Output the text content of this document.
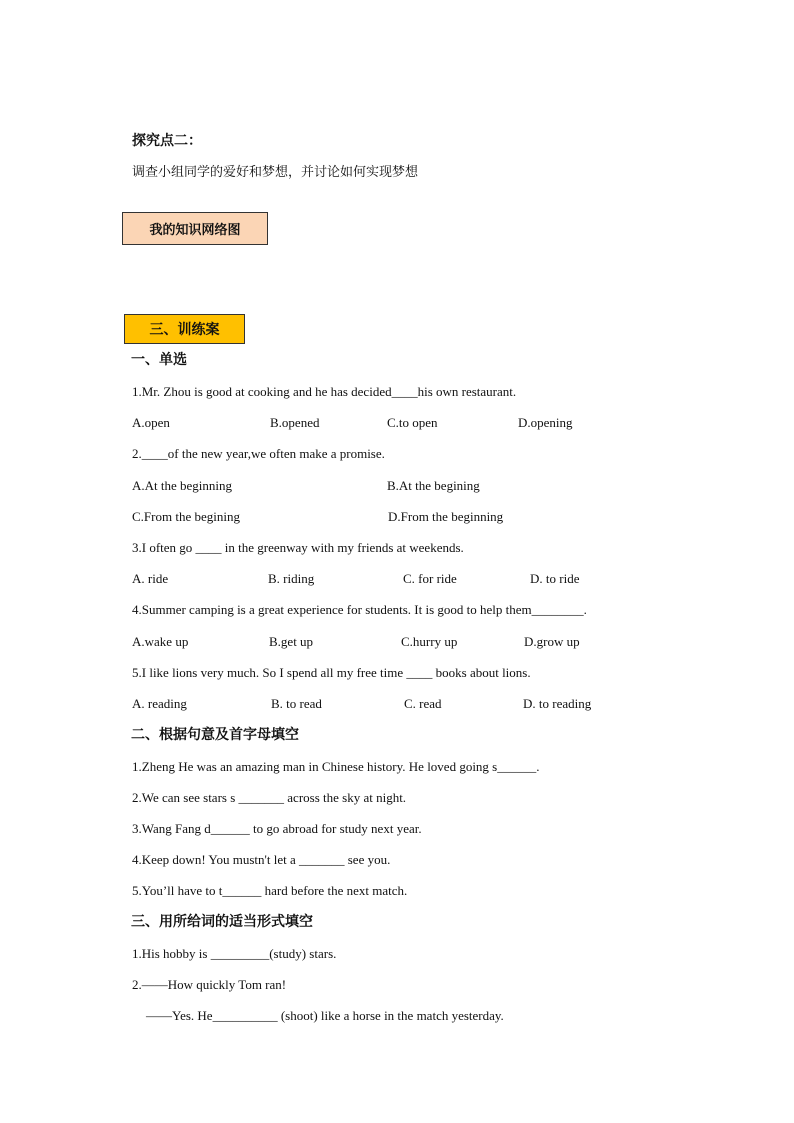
探究点二：
调查小组同学的爱好和梦想，并讨论如何实现梦想
我的知识网络图
三、训练案
一、单选
1.Mr. Zhou is good at cooking and he has decided____his own restaurant.
A.open	B.opened	C.to open	D.opening
2.____of the new year,we often make a promise.
A.At the beginning	B.At the begining
C.From the begining	D.From the beginning
3.I often go ____ in the greenway with my friends at weekends.
A. ride	B. riding	C. for ride	D. to ride
4.Summer camping is a great experience for students. It is good to help them________.
A.wake up	B.get up	C.hurry up	D.grow up
5.I like lions very much. So I spend all my free time ____ books about lions.
A. reading	B. to read	C. read	D. to reading
二、根据句意及首字母填空
1.Zheng He was an amazing man in Chinese history. He loved going s______.
2.We can see stars s _______ across the sky at night.
3.Wang Fang d______ to go abroad for study next year.
4.Keep down! You mustn't let a _______ see you.
5.You’ll have to t______ hard before the next match.
三、用所给词的适当形式填空
1.His hobby is _________(study) stars.
2.——How quickly Tom ran!
——Yes. He__________ (shoot) like a horse in the match yesterday.
